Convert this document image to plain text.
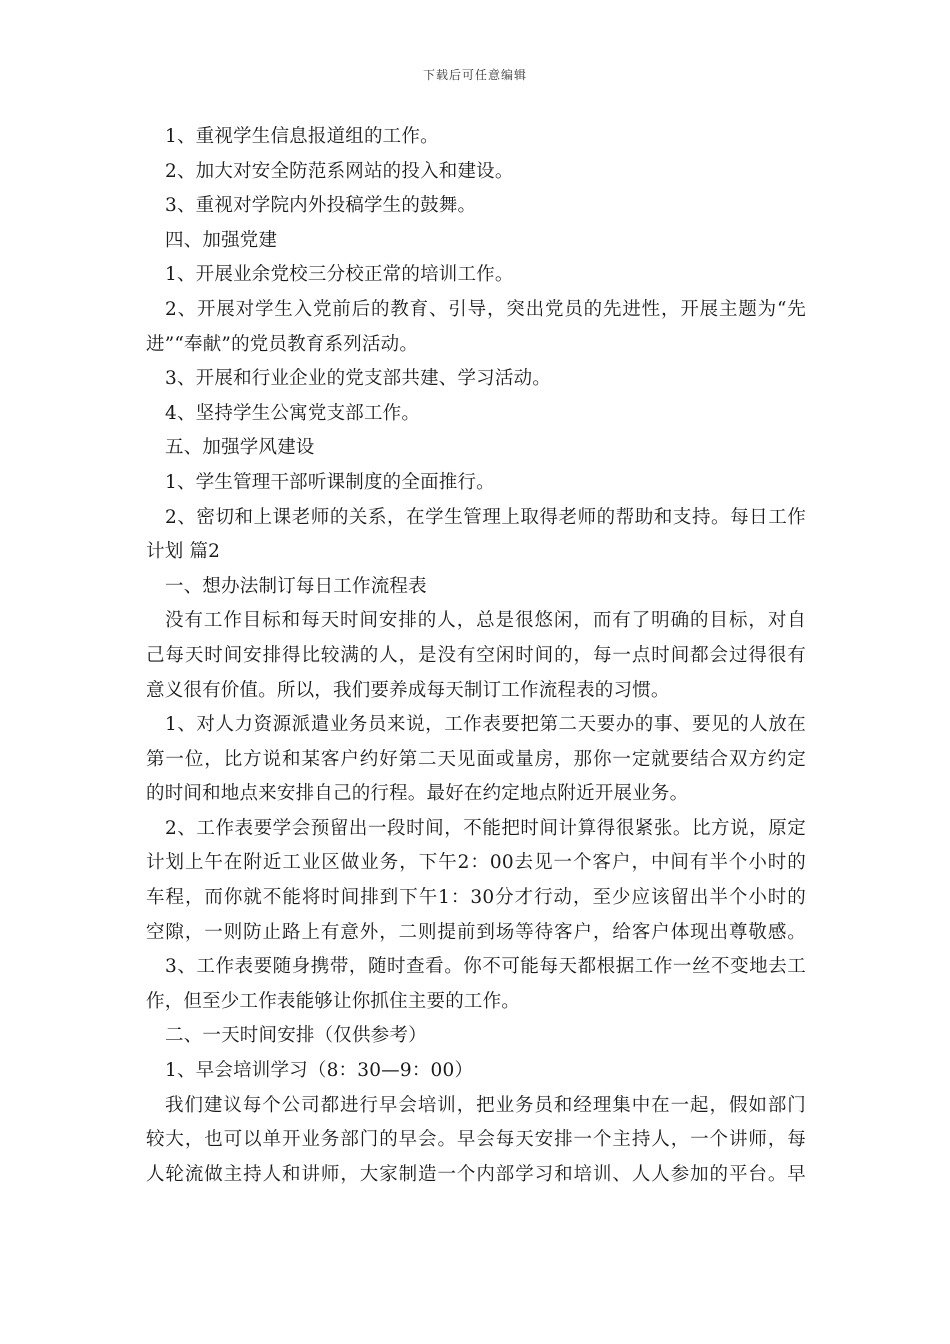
下载后可任意编辑
1、重视学生信息报道组的工作。
2、加大对安全防范系网站的投入和建设。
3、重视对学院内外投稿学生的鼓舞。
四、加强党建
1、开展业余党校三分校正常的培训工作。
2、开展对学生入党前后的教育、引导，突出党员的先进性，开展主题为“先
进”“奉献”的党员教育系列活动。
3、开展和行业企业的党支部共建、学习活动。
4、坚持学生公寓党支部工作。
五、加强学风建设
1、学生管理干部听课制度的全面推行。
2、密切和上课老师的关系，在学生管理上取得老师的帮助和支持。每日工作
计划 篇2
一、想办法制订每日工作流程表
没有工作目标和每天时间安排的人，总是很悠闲，而有了明确的目标，对自
己每天时间安排得比较满的人，是没有空闲时间的，每一点时间都会过得很有
意义很有价值。所以，我们要养成每天制订工作流程表的习惯。
1、对人力资源派遣业务员来说，工作表要把第二天要办的事、要见的人放在
第一位，比方说和某客户约好第二天见面或量房，那你一定就要结合双方约定
的时间和地点来安排自己的行程。最好在约定地点附近开展业务。
2、工作表要学会预留出一段时间，不能把时间计算得很紧张。比方说，原定
计划上午在附近工业区做业务，下午2：00去见一个客户，中间有半个小时的
车程，而你就不能将时间排到下午1：30分才行动，至少应该留出半个小时的
空隙，一则防止路上有意外，二则提前到场等待客户，给客户体现出尊敬感。
3、工作表要随身携带，随时查看。你不可能每天都根据工作一丝不变地去工
作，但至少工作表能够让你抓住主要的工作。
二、一天时间安排（仅供参考）
1、早会培训学习（8：30—9：00）
我们建议每个公司都进行早会培训，把业务员和经理集中在一起，假如部门
较大，也可以单开业务部门的早会。早会每天安排一个主持人，一个讲师，每
人轮流做主持人和讲师，大家制造一个内部学习和培训、人人参加的平台。早
